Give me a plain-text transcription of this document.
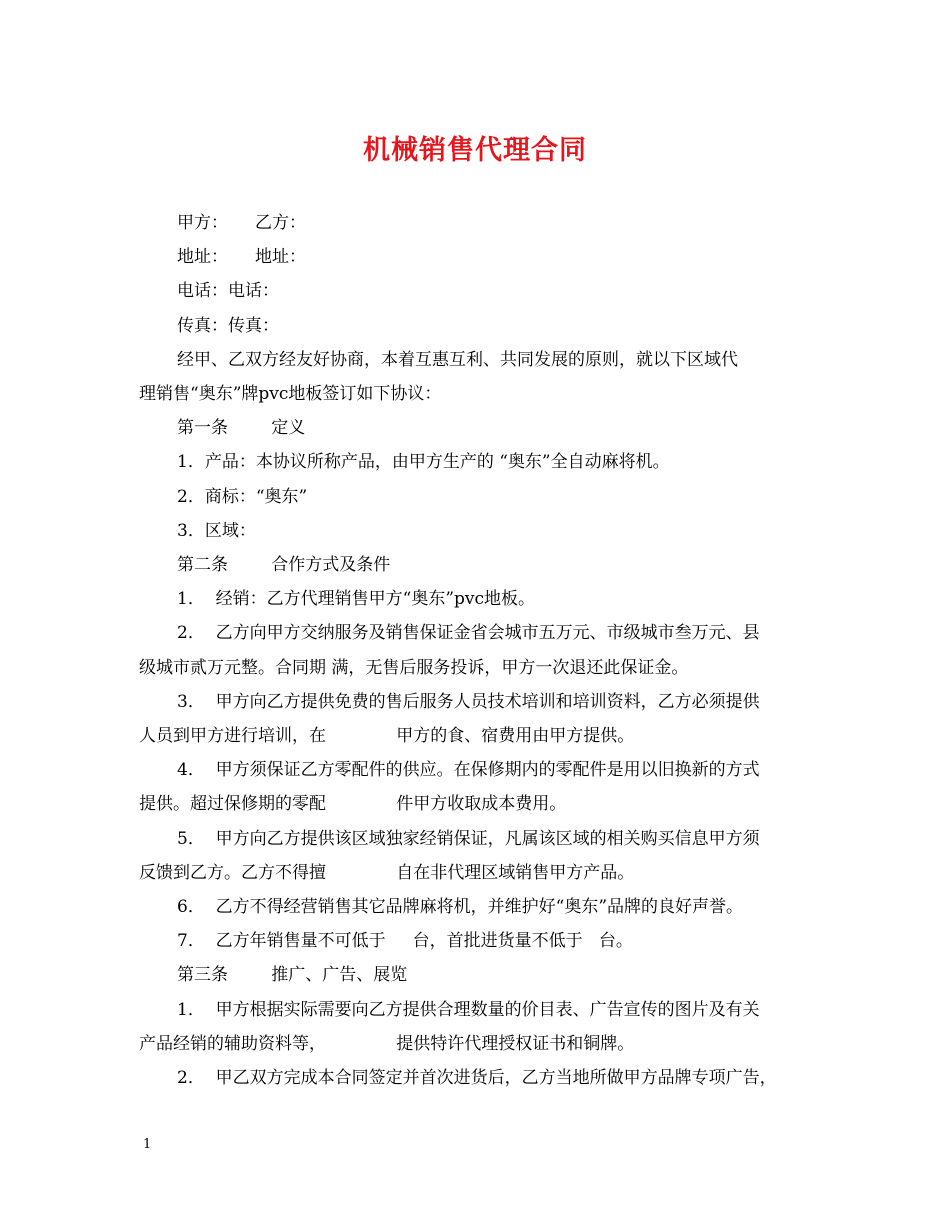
机械销售代理合同

甲方：     乙方：

地址：     地址：

电话：电话：

传真：传真：

经甲、乙双方经友好协商，本着互惠互利、共同发展的原则，就以下区域代

理销售“奥东”牌pvc地板签订如下协议：

第一条        定义

1．产品：本协议所称产品，由甲方生产的 “奥东”全自动麻将机。

2．商标：“奥东”

3．区域：

第二条        合作方式及条件

1．  经销：乙方代理销售甲方“奥东”pvc地板。

2．  乙方向甲方交纳服务及销售保证金省会城市五万元、市级城市叁万元、县

级城市贰万元整。合同期 满，无售后服务投诉，甲方一次退还此保证金。

3．  甲方向乙方提供免费的售后服务人员技术培训和培训资料，乙方必须提供

人员到甲方进行培训，在             甲方的食、宿费用由甲方提供。

4．  甲方须保证乙方零配件的供应。在保修期内的零配件是用以旧换新的方式

提供。超过保修期的零配             件甲方收取成本费用。

5．  甲方向乙方提供该区域独家经销保证，凡属该区域的相关购买信息甲方须

反馈到乙方。乙方不得擅             自在非代理区域销售甲方产品。

6．  乙方不得经营销售其它品牌麻将机，并维护好“奥东”品牌的良好声誉。

7．  乙方年销售量不可低于     台，首批进货量不低于   台。

第三条        推广、广告、展览

1．  甲方根据实际需要向乙方提供合理数量的价目表、广告宣传的图片及有关

产品经销的辅助资料等，             提供特许代理授权证书和铜牌。

2．  甲乙双方完成本合同签定并首次进货后，乙方当地所做甲方品牌专项广告，

1
